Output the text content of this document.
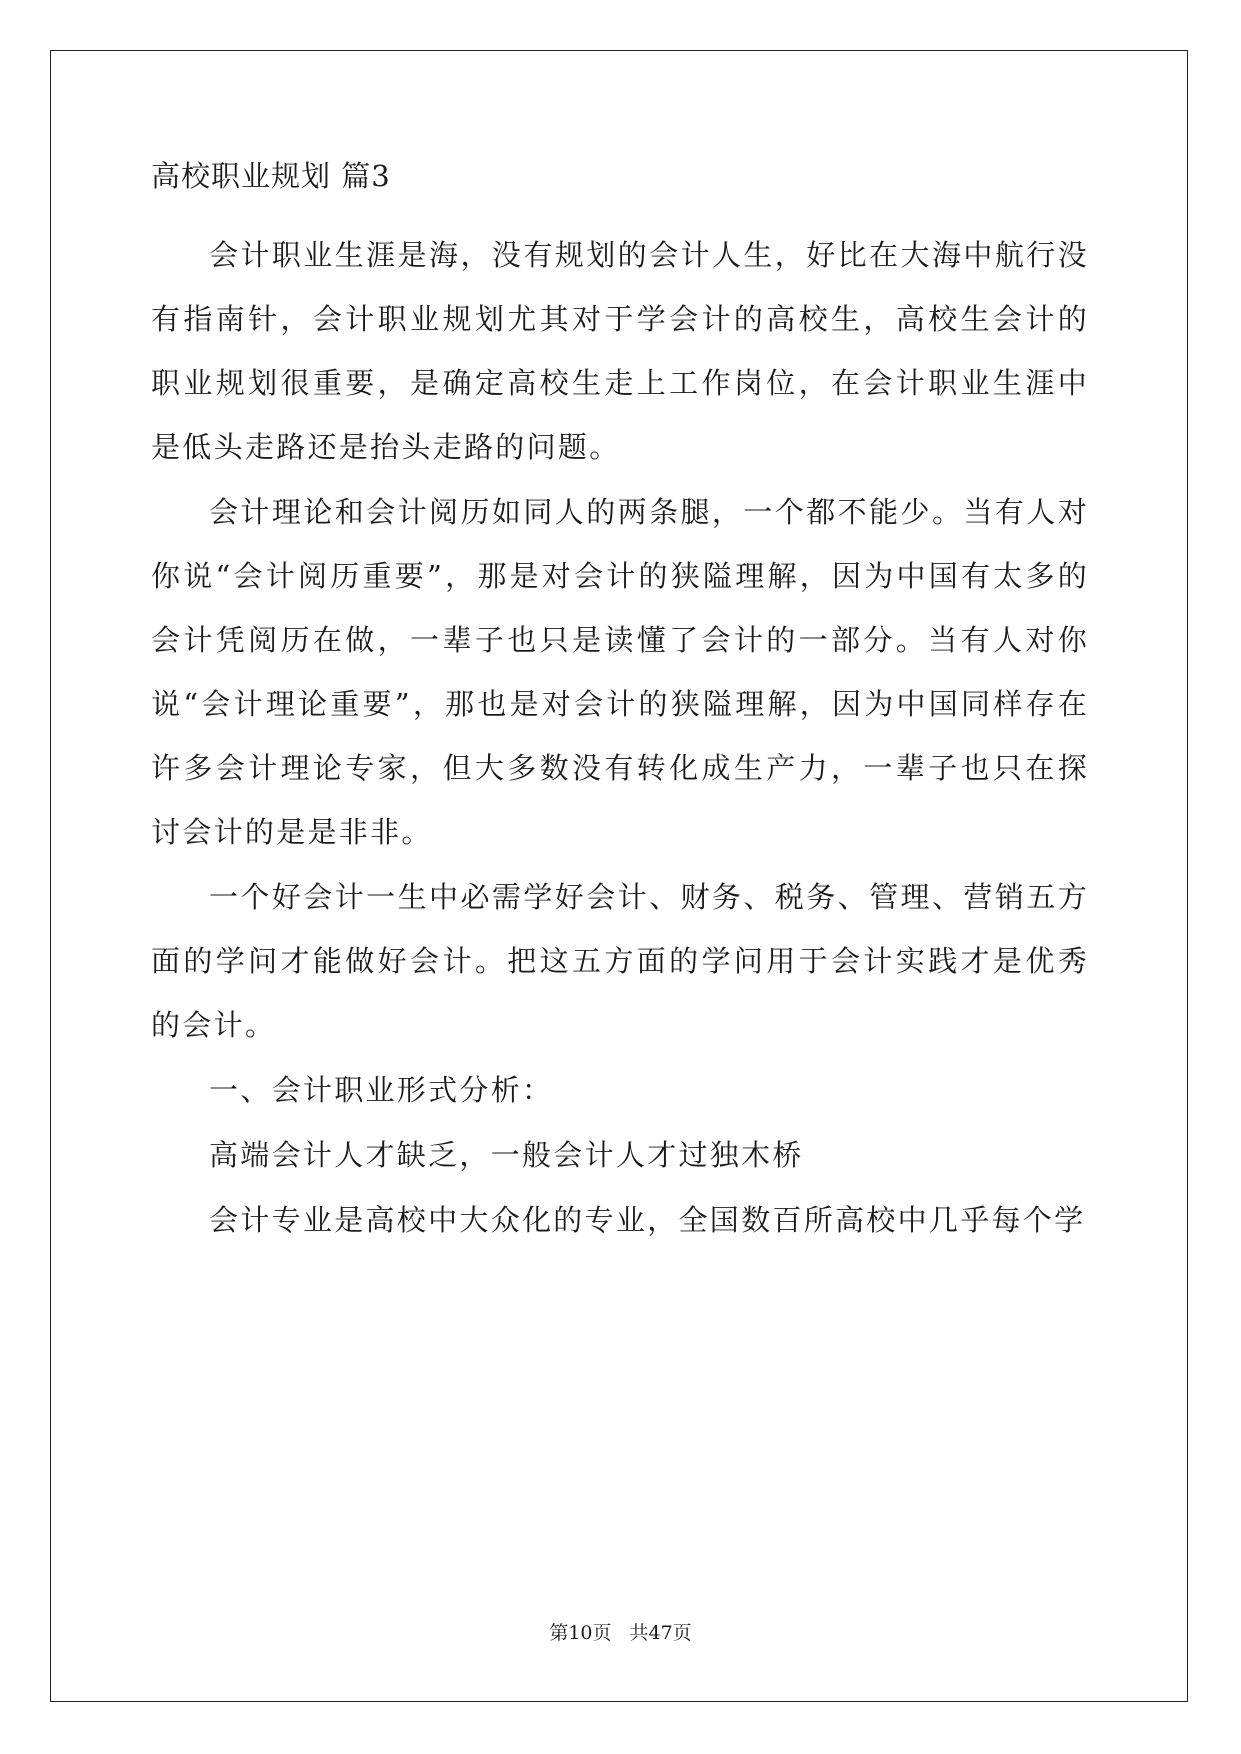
高校职业规划 篇3

会计职业生涯是海，没有规划的会计人生，好比在大海中航行没有指南针，会计职业规划尤其对于学会计的高校生，高校生会计的职业规划很重要，是确定高校生走上工作岗位，在会计职业生涯中是低头走路还是抬头走路的问题。

会计理论和会计阅历如同人的两条腿，一个都不能少。当有人对你说“会计阅历重要”，那是对会计的狭隘理解，因为中国有太多的会计凭阅历在做，一辈子也只是读懂了会计的一部分。当有人对你说“会计理论重要”，那也是对会计的狭隘理解，因为中国同样存在许多会计理论专家，但大多数没有转化成生产力，一辈子也只在探讨会计的是是非非。

一个好会计一生中必需学好会计、财务、税务、管理、营销五方面的学问才能做好会计。把这五方面的学问用于会计实践才是优秀的会计。

一、会计职业形式分析：

高端会计人才缺乏，一般会计人才过独木桥

会计专业是高校中大众化的专业，全国数百所高校中几乎每个学

第10页 共47页
